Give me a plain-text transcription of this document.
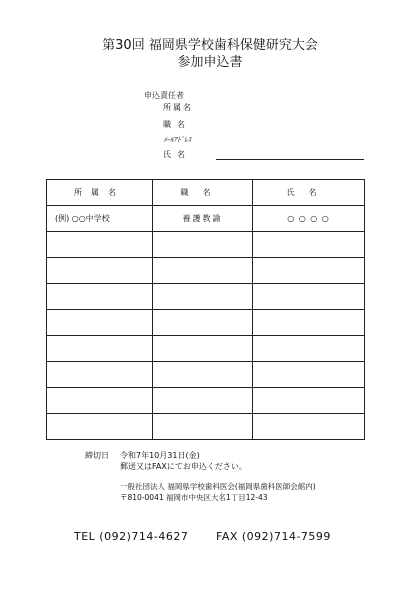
第30回 福岡県学校歯科保健研究大会
参加申込書
申込責任者
所属名
職名
ﾒｰﾙｱﾄﾞﾚｽ
氏名
所属名	職名	氏名
(例) ○○中学校	養護教諭	○ ○ ○ ○

締切日 令和7年10月31日(金)
郵送又はFAXにてお申込ください。
一般社団法人 福岡県学校歯科医会(福岡県歯科医師会館内)
〒810-0041 福岡市中央区大名1丁目12-43
TEL (092)714-4627	FAX (092)714-7599
